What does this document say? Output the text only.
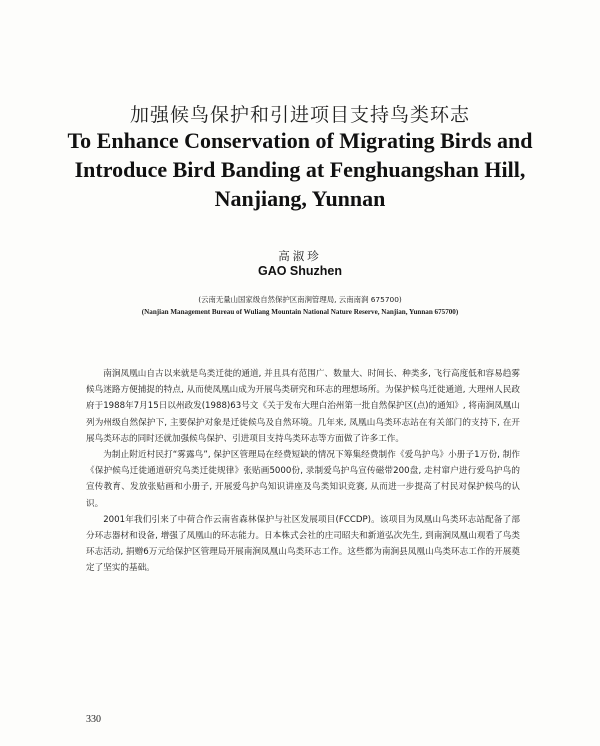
加强候鸟保护和引进项目支持鸟类环志
To Enhance Conservation of Migrating Birds and Introduce Bird Banding at Fenghuangshan Hill, Nanjiang, Yunnan
高淑珍
GAO Shuzhen
(云南无量山国家级自然保护区南涧管理局, 云南南涧 675700)
(Nanjian Management Bureau of Wuliang Mountain National Nature Reserve, Nanjian, Yunnan 675700)

南涧凤凰山自古以来就是鸟类迁徙的通道, 并且具有范围广、数量大、时间长、种类多, 飞行高度低和容易趋雾候鸟迷路方便捕捉的特点, 从而使凤凰山成为开展鸟类研究和环志的理想场所。为保护候鸟迁徙通道, 大理州人民政府于1988年7月15日以州政发(1988)63号文《关于发布大理白治州第一批自然保护区(点)的通知》, 将南涧凤凰山列为州级自然保护下, 主要保护对象是迁徙候鸟及自然环境。几年来, 凤凰山鸟类环志站在有关部门的支持下, 在开展鸟类环志的同时还就加强候鸟保护、引进项目支持鸟类环志等方面做了许多工作。

为制止附近村民打“雾露鸟”, 保护区管理局在经费短缺的情况下筹集经费制作《爱鸟护鸟》小册子1万份, 制作《保护候鸟迁徙通道研究鸟类迁徙规律》张贴画5000份, 录制爱鸟护鸟宣传磁带200盘, 走村窜户进行爱鸟护鸟的宣传教育、发放张贴画和小册子, 开展爱鸟护鸟知识讲座及鸟类知识竞赛, 从而进一步提高了村民对保护候鸟的认识。

2001年我们引来了中荷合作云南省森林保护与社区发展项目(FCCDP)。该项目为凤凰山鸟类环志站配备了部分环志器材和设备, 增强了凤凰山的环志能力。日本株式会社的庄司昭夫和新道弘次先生, 到南涧凤凰山观看了鸟类环志活动, 捐赠6万元给保护区管理局开展南涧凤凰山鸟类环志工作。这些都为南涧县凤凰山鸟类环志工作的开展奠定了坚实的基础。

330
